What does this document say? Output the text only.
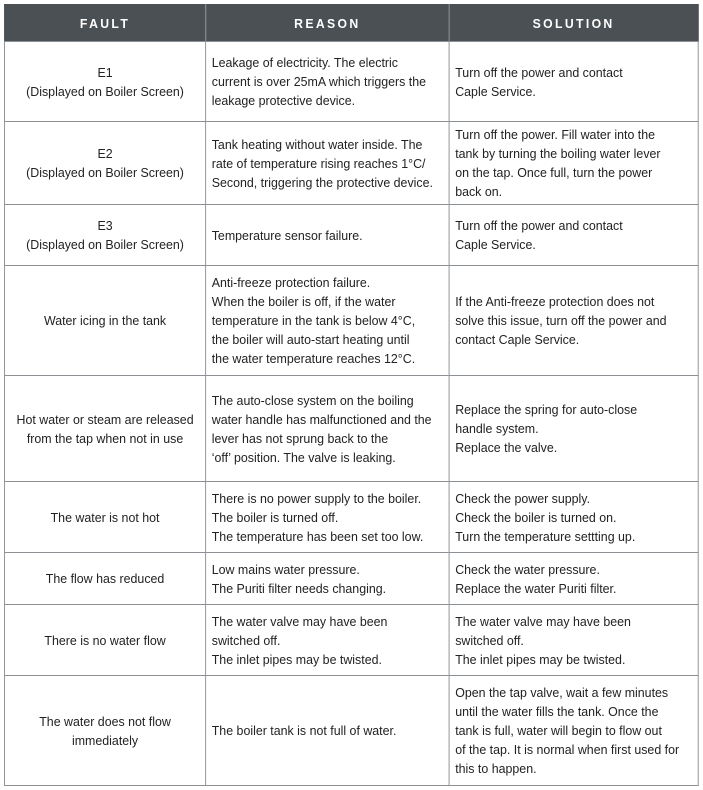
FAULT	REASON	SOLUTION

E1
(Displayed on Boiler Screen)	Leakage of electricity. The electric
current is over 25mA which triggers the
leakage protective device.	Turn off the power and contact
Caple Service.

E2
(Displayed on Boiler Screen)	Tank heating without water inside. The
rate of temperature rising reaches 1°C/
Second, triggering the protective device.	Turn off the power. Fill water into the
tank by turning the boiling water lever
on the tap. Once full, turn the power
back on.

E3
(Displayed on Boiler Screen)	Temperature sensor failure.	Turn off the power and contact
Caple Service.

Water icing in the tank	Anti-freeze protection failure.
When the boiler is off, if the water
temperature in the tank is below 4°C,
the boiler will auto-start heating until
the water temperature reaches 12°C.	If the Anti-freeze protection does not
solve this issue, turn off the power and
contact Caple Service.

Hot water or steam are released
from the tap when not in use	The auto-close system on the boiling
water handle has malfunctioned and the
lever has not sprung back to the
‘off’ position. The valve is leaking.	Replace the spring for auto-close
handle system.
Replace the valve.

The water is not hot	There is no power supply to the boiler.
The boiler is turned off.
The temperature has been set too low.	Check the power supply.
Check the boiler is turned on.
Turn the temperature settting up.

The flow has reduced	Low mains water pressure.
The Puriti filter needs changing.	Check the water pressure.
Replace the water Puriti filter.

There is no water flow	The water valve may have been
switched off.
The inlet pipes may be twisted.	The water valve may have been
switched off.
The inlet pipes may be twisted.

The water does not flow
immediately	The boiler tank is not full of water.	Open the tap valve, wait a few minutes
until the water fills the tank. Once the
tank is full, water will begin to flow out
of the tap. It is normal when first used for
this to happen.
